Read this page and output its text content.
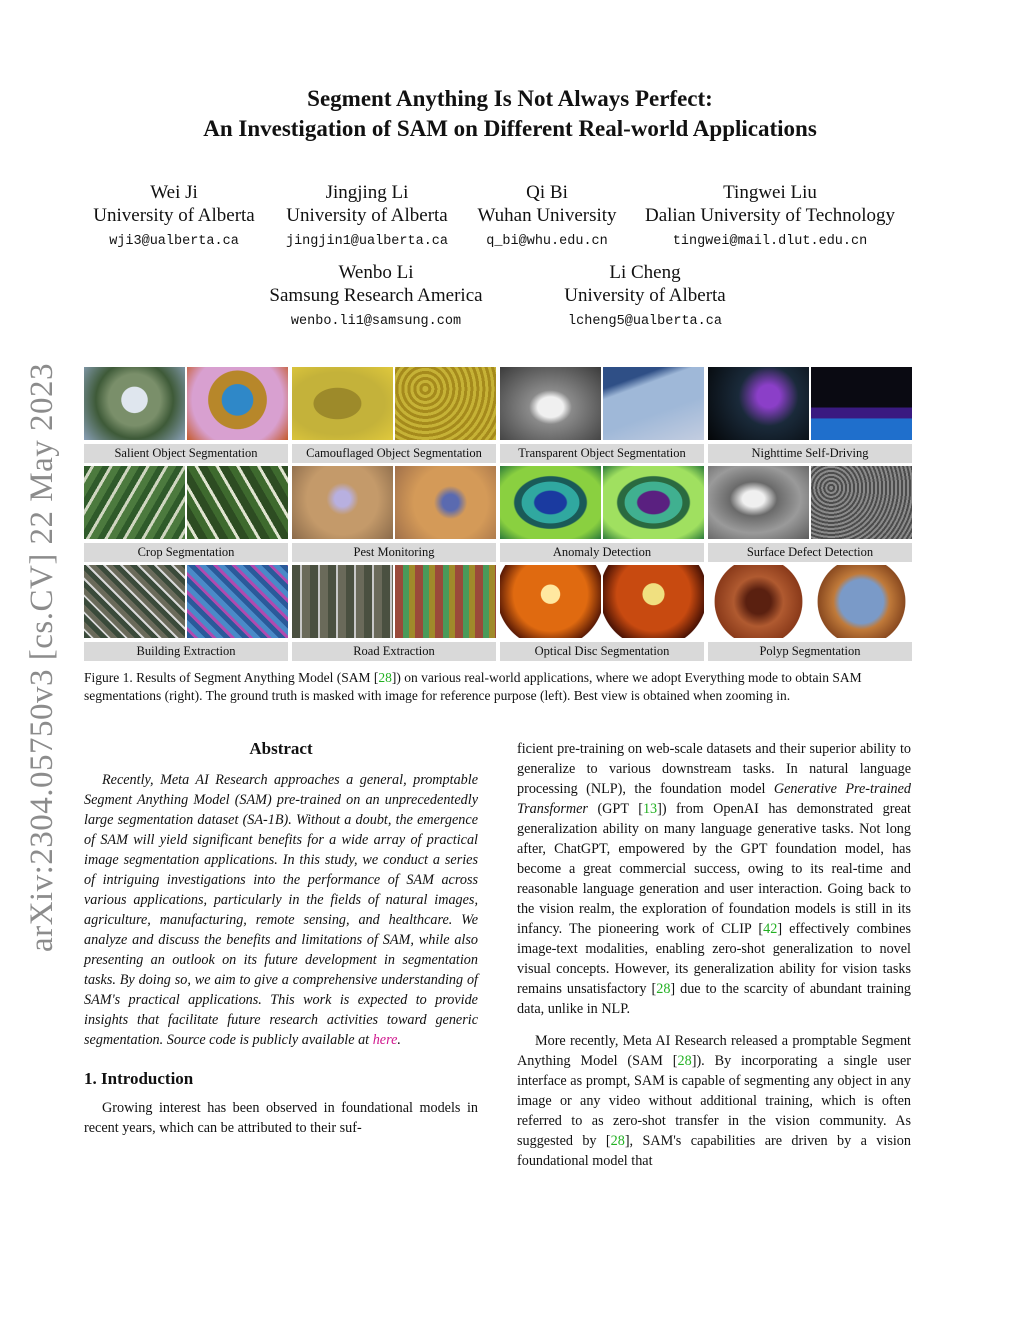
arXiv:2304.05750v3 [cs.CV] 22 May 2023
Segment Anything Is Not Always Perfect:
An Investigation of SAM on Different Real-world Applications
Wei Ji
University of Alberta
wji3@ualberta.ca
Jingjing Li
University of Alberta
jingjin1@ualberta.ca
Qi Bi
Wuhan University
q_bi@whu.edu.cn
Tingwei Liu
Dalian University of Technology
tingwei@mail.dlut.edu.cn
Wenbo Li
Samsung Research America
wenbo.li1@samsung.com
Li Cheng
University of Alberta
lcheng5@ualberta.ca
Salient Object Segmentation	Camouflaged Object Segmentation	Transparent Object Segmentation	Nighttime Self-Driving
Crop Segmentation	Pest Monitoring	Anomaly Detection	Surface Defect Detection
Building Extraction	Road Extraction	Optical Disc Segmentation	Polyp Segmentation
Figure 1. Results of Segment Anything Model (SAM [28]) on various real-world applications, where we adopt Everything mode to obtain SAM segmentations (right). The ground truth is masked with image for reference purpose (left). Best view is obtained when zooming in.
Abstract

Recently, Meta AI Research approaches a general, promptable Segment Anything Model (SAM) pre-trained on an unprecedentedly large segmentation dataset (SA-1B). Without a doubt, the emergence of SAM will yield significant benefits for a wide array of practical image segmentation applications. In this study, we conduct a series of intriguing investigations into the performance of SAM across various applications, particularly in the fields of natural images, agriculture, manufacturing, remote sensing, and healthcare. We analyze and discuss the benefits and limitations of SAM, while also presenting an outlook on its future development in segmentation tasks. By doing so, we aim to give a comprehensive understanding of SAM's practical applications. This work is expected to provide insights that facilitate future research activities toward generic segmentation. Source code is publicly available at here.

1. Introduction

Growing interest has been observed in foundational models in recent years, which can be attributed to their suf-

ficient pre-training on web-scale datasets and their superior ability to generalize to various downstream tasks. In natural language processing (NLP), the foundation model Generative Pre-trained Transformer (GPT [13]) from OpenAI has demonstrated great generalization ability on many language generative tasks. Not long after, ChatGPT, empowered by the GPT foundation model, has become a great commercial success, owing to its real-time and reasonable language generation and user interaction. Going back to the vision realm, the exploration of foundation models is still in its infancy. The pioneering work of CLIP [42] effectively combines image-text modalities, enabling zero-shot generalization to novel visual concepts. However, its generalization ability for vision tasks remains unsatisfactory [28] due to the scarcity of abundant training data, unlike in NLP.

More recently, Meta AI Research released a promptable Segment Anything Model (SAM [28]). By incorporating a single user interface as prompt, SAM is capable of segmenting any object in any image or any video without additional training, which is often referred to as zero-shot transfer in the vision community. As suggested by [28], SAM's capabilities are driven by a vision foundational model that
